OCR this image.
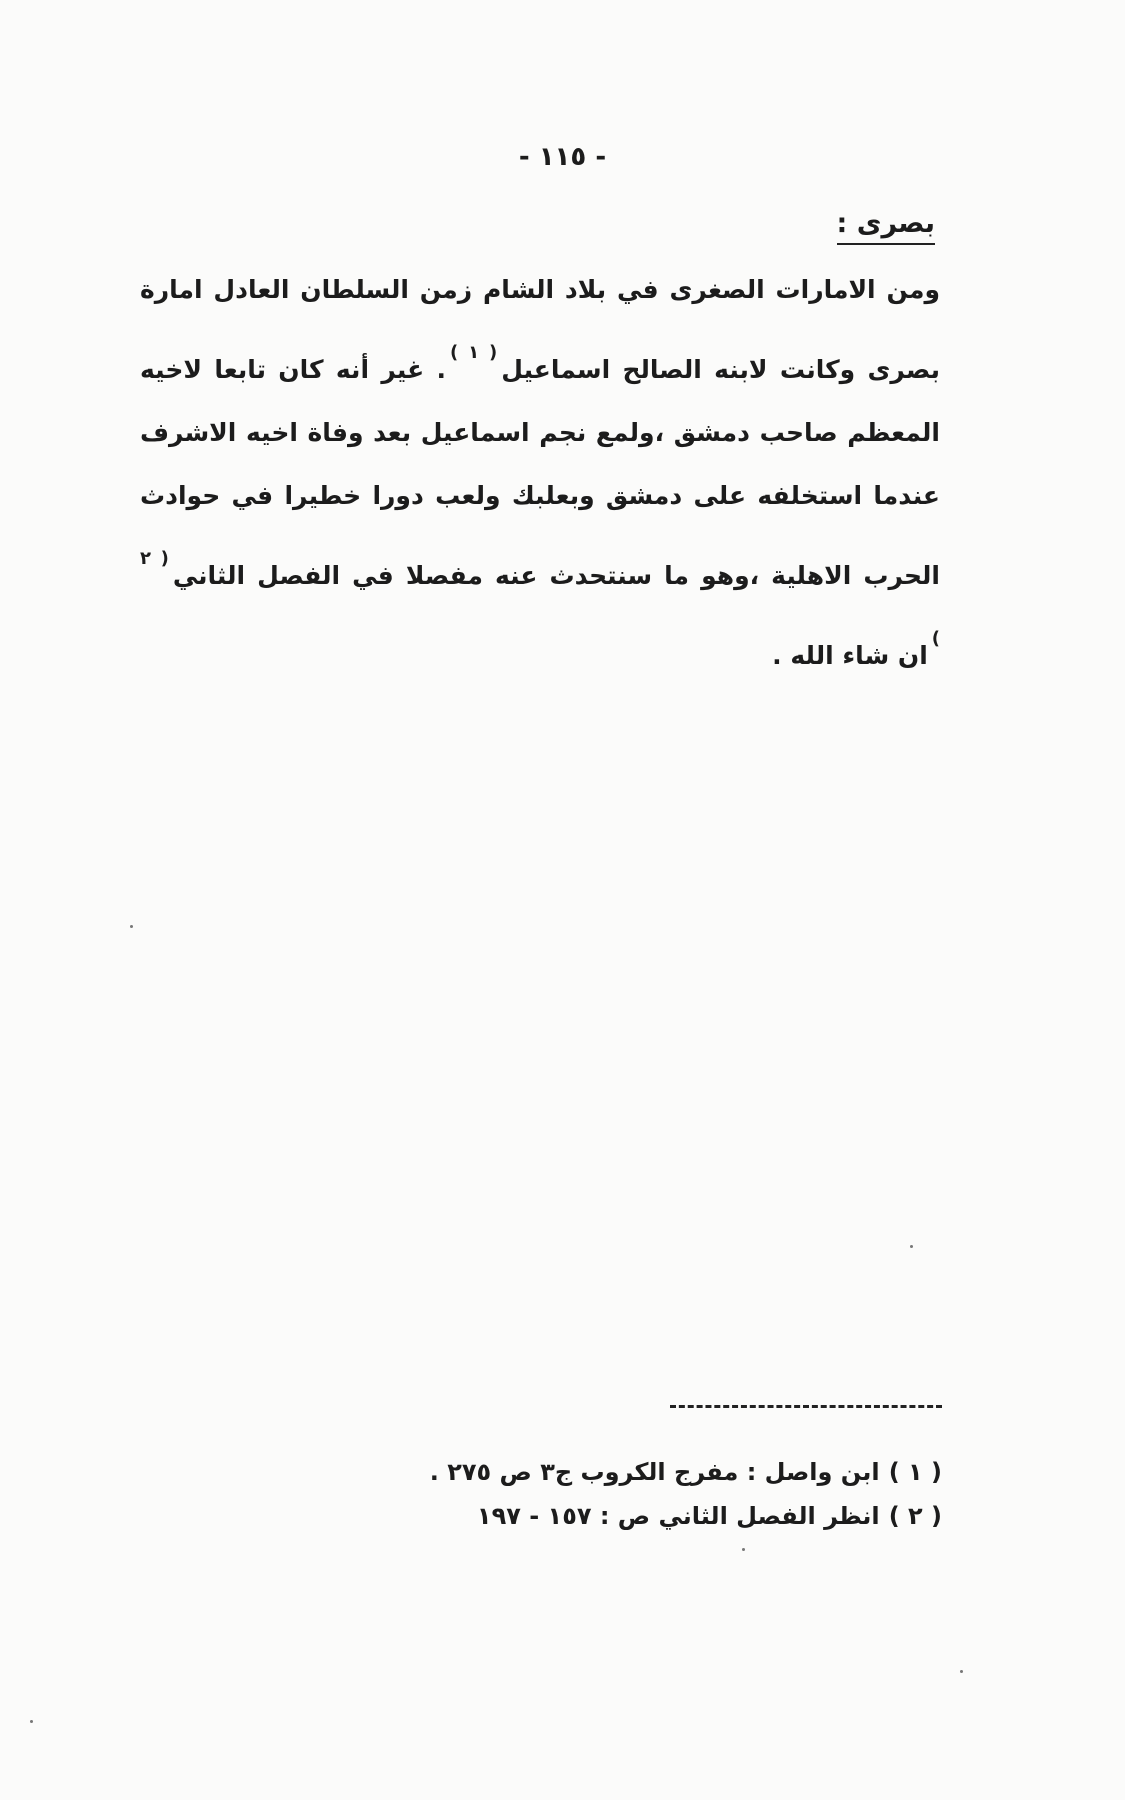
- ١١٥ -
بصرى :

ومن الامارات الصغرى في بلاد الشام زمن السلطان العادل امارة بصرى وكانت لابنه الصالح اسماعيل$^{( ١ )}$. غير أنه كان تابعا لاخيه المعظم صاحب دمشق ،ولمع نجم اسماعيل بعد وفاة اخيه الاشرف عندما استخلفه على دمشق وبعلبك ولعب دورا خطيرا في حوادث الحرب الاهلية ،وهو ما سنتحدث عنه مفصلا في الفصل الثاني$^{( ٢ )}$ان شاء الله .

( ١ ) ابن واصل : مفرج الكروب ج٣ ص ٢٧٥ .
( ٢ ) انظر الفصل الثاني ص : ١٥٧ - ١٩٧
